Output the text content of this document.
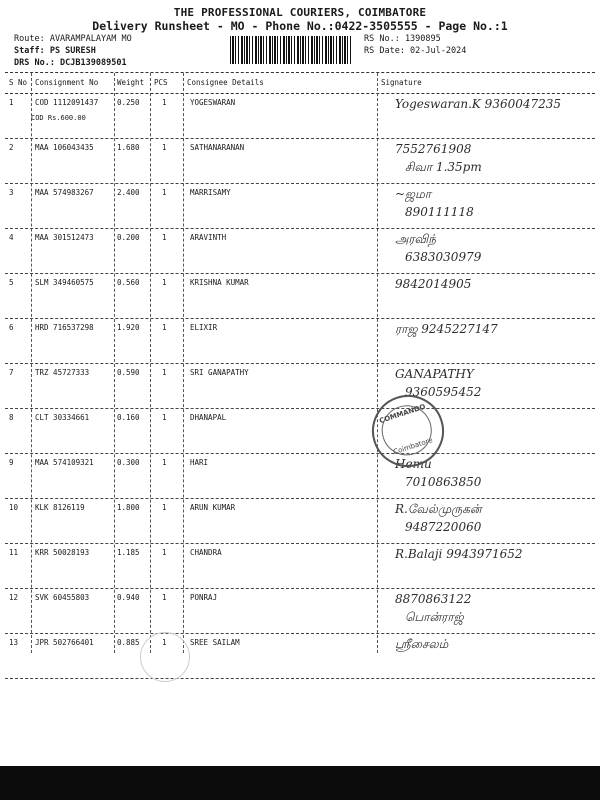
THE PROFESSIONAL COURIERS, COIMBATORE
Delivery Runsheet - MO - Phone No.:0422-3505555 - Page No.:1
Route: AVARAMPALAYAM MO
Staff: PS SURESH
DRS No.: DCJB139089501
RS No.: 1390895
RS Date: 02-Jul-2024
S No Consignment No	Weight PCS	Consignee Details	Signature
1	COD 1112091437	0.250	1	YOGESWARAN
COD Rs.600.00
Yogeswaran.K 9360047235
2	MAA 106043435	1.680	1	SATHANARANAN	7552761908
சிவா 1.35pm
3	MAA 574983267	2.400	1	MARRISAMY	~ஜமா
890111118
4	MAA 301512473	0.200	1	ARAVINTH	அரவிந்
6383030979
5	SLM 349460575	0.560	1	KRISHNA KUMAR	9842014905
6	HRD 716537298	1.920	1	ELIXIR	ராஜ 9245227147
7	TRZ 45727333	0.590	1	SRI GANAPATHY	GANAPATHY
9360595452
8	CLT 30334661	0.160	1	DHANAPAL
9	MAA 574109321	0.300	1	HARI	Hemu
7010863850
10 KLK 8126119	1.800	1	ARUN KUMAR	R.வேல்முருகன்
9487220060
11 KRR 50028193	1.185	1	CHANDRA	R.Balaji 9943971652
12 SVK 60455803	0.940	1	PONRAJ	8870863122
பொன்ராஜ்
13 JPR 502766401	0.885	1	SREE SAILAM	ஸ்ரீசைலம்
COMMANDO
Coimbatore
